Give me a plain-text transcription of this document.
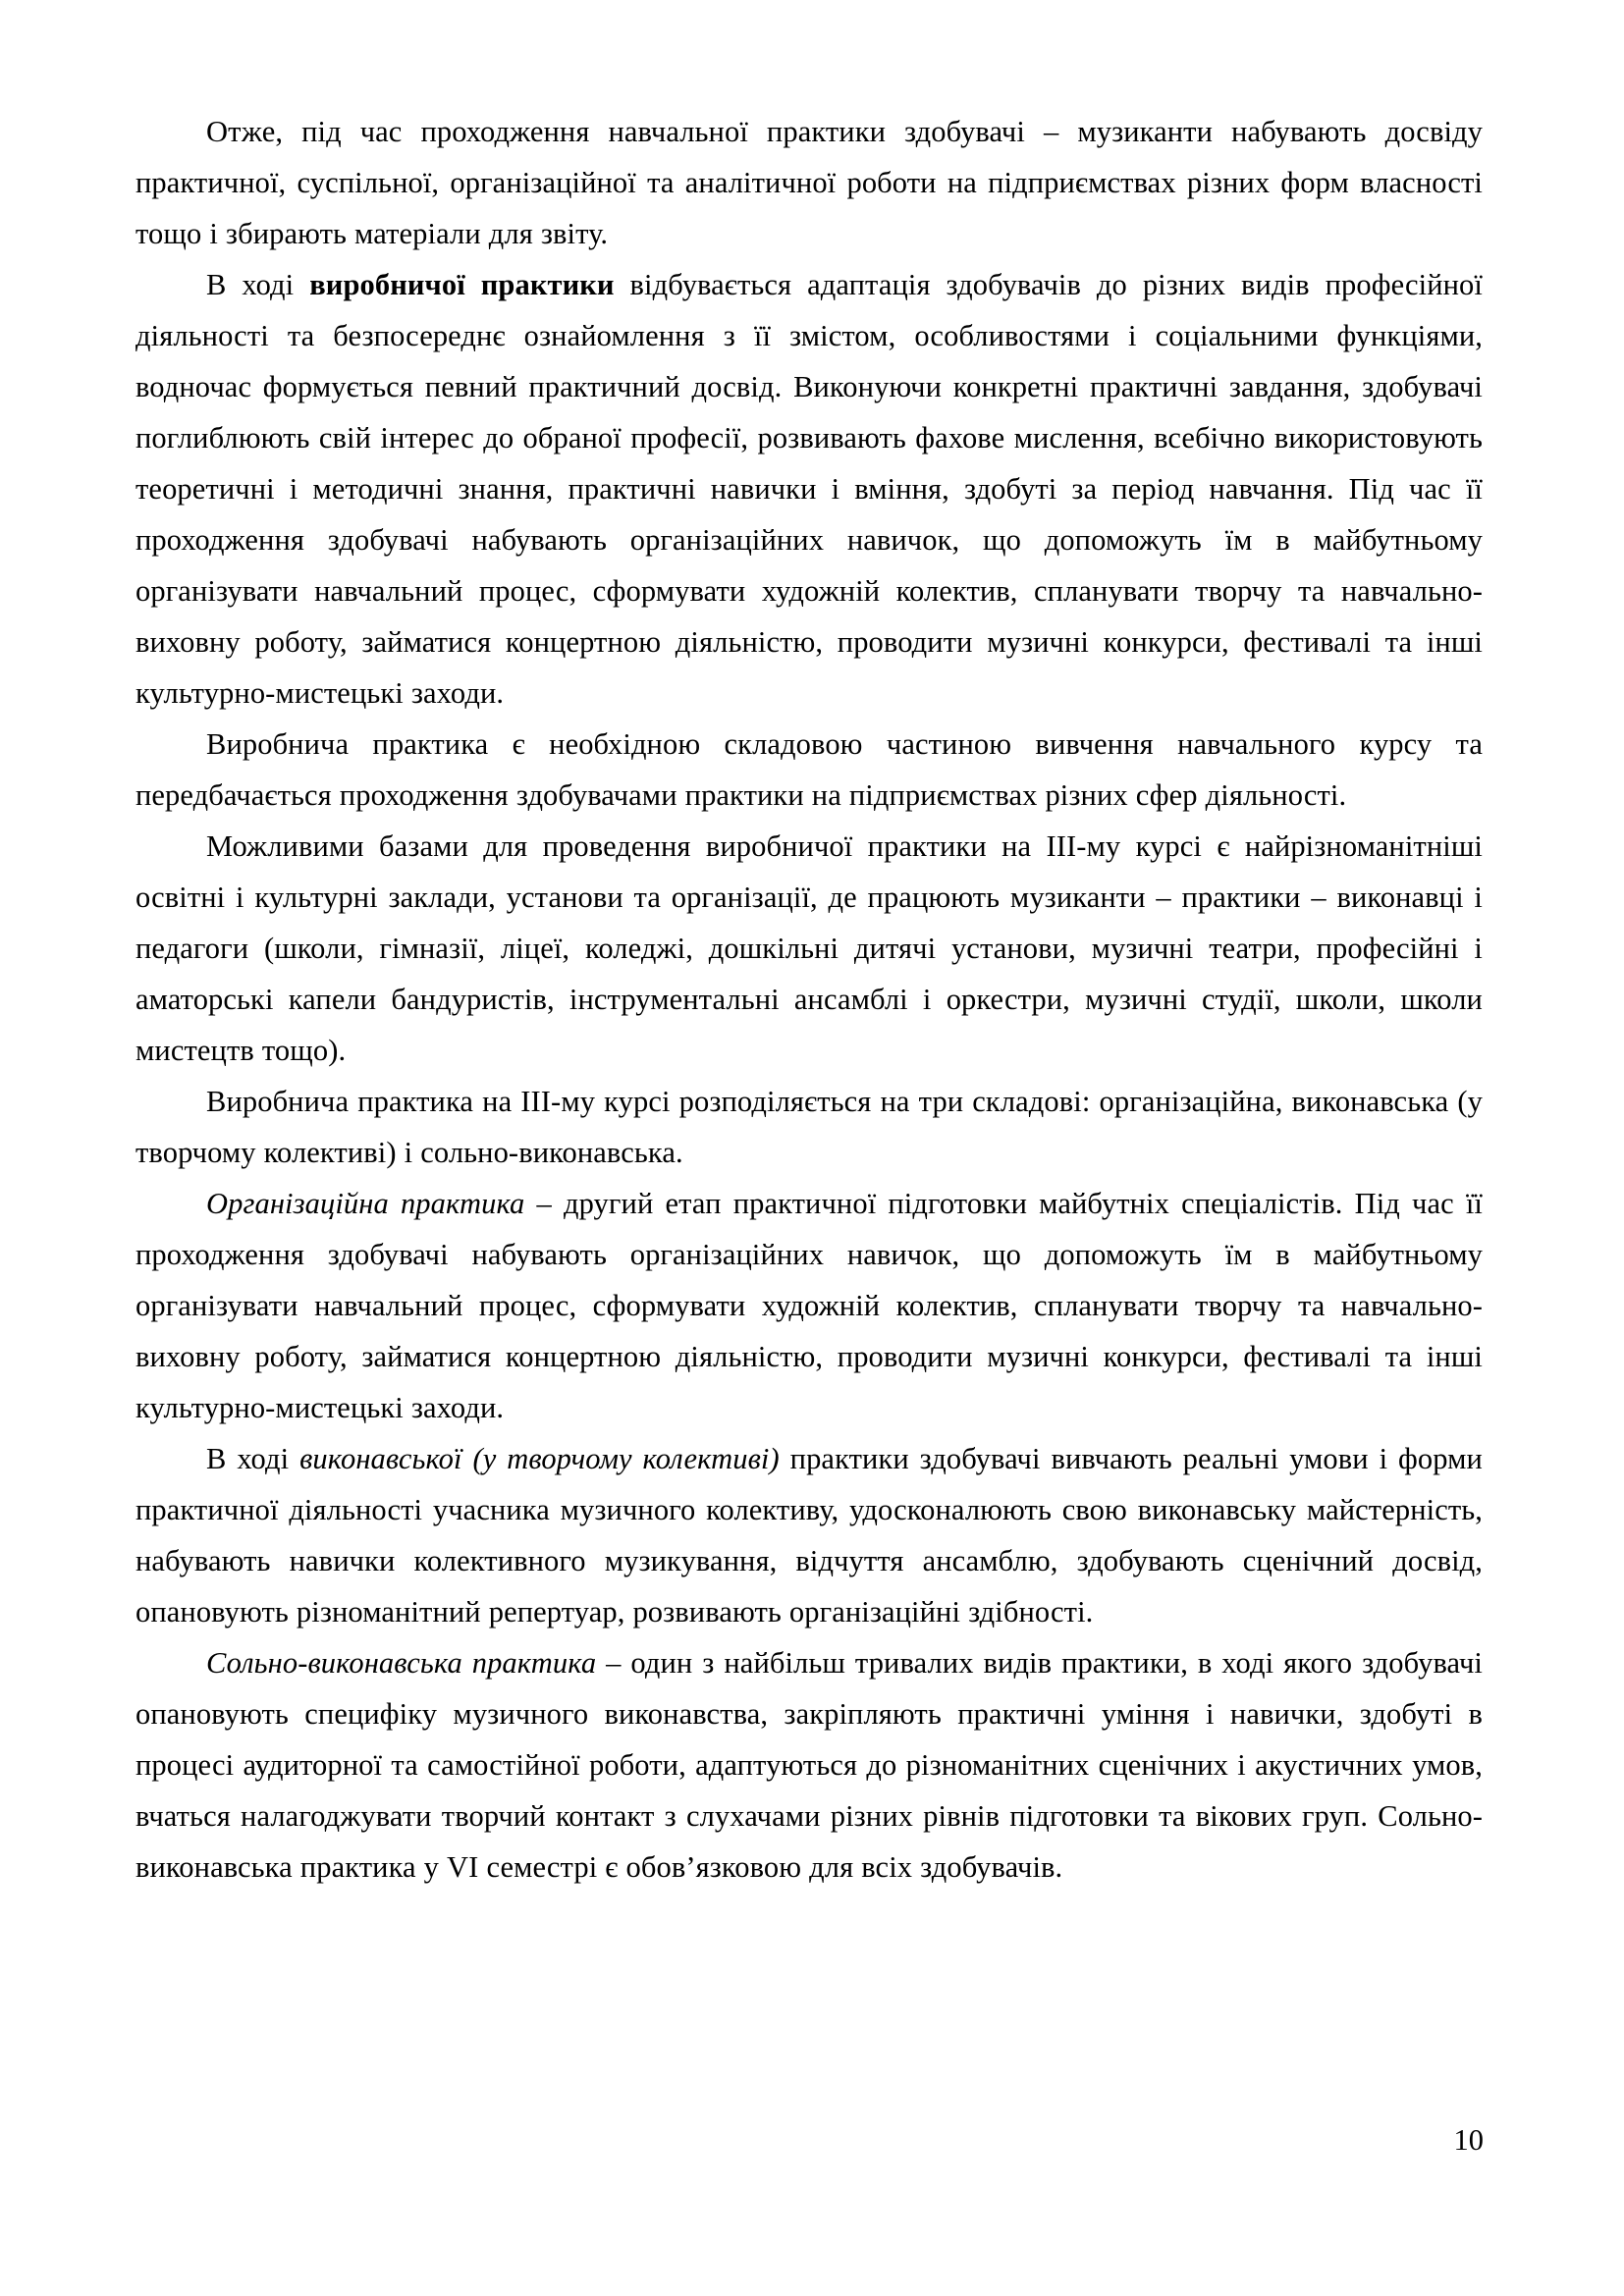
Отже, під час проходження навчальної практики здобувачі – музиканти набувають досвіду практичної, суспільної, організаційної та аналітичної роботи на підприємствах різних форм власності тощо і збирають матеріали для звіту.

В ході виробничої практики відбувається адаптація здобувачів до різних видів професійної діяльності та безпосереднє ознайомлення з її змістом, особливостями і соціальними функціями, водночас формується певний практичний досвід. Виконуючи конкретні практичні завдання, здобувачі поглиблюють свій інтерес до обраної професії, розвивають фахове мислення, всебічно використовують теоретичні і методичні знання, практичні навички і вміння, здобуті за період навчання. Під час її проходження здобувачі набувають організаційних навичок, що допоможуть їм в майбутньому організувати навчальний процес, сформувати художній колектив, спланувати творчу та навчально-виховну роботу, займатися концертною діяльністю, проводити музичні конкурси, фестивалі та інші культурно-мистецькі заходи.

Виробнича практика є необхідною складовою частиною вивчення навчального курсу та передбачається проходження здобувачами практики на підприємствах різних сфер діяльності.

Можливими базами для проведення виробничої практики на ІІІ-му курсі є найрізноманітніші освітні і культурні заклади, установи та організації, де працюють музиканти – практики – виконавці і педагоги (школи, гімназії, ліцеї, коледжі, дошкільні дитячі установи, музичні театри, професійні і аматорські капели бандуристів, інструментальні ансамблі і оркестри, музичні студії, школи, школи мистецтв тощо).

Виробнича практика на ІІІ-му курсі розподіляється на три складові: організаційна, виконавська (у творчому колективі) і сольно-виконавська.

Організаційна практика – другий етап практичної підготовки майбутніх спеціалістів. Під час її проходження здобувачі набувають організаційних навичок, що допоможуть їм в майбутньому організувати навчальний процес, сформувати художній колектив, спланувати творчу та навчально-виховну роботу, займатися концертною діяльністю, проводити музичні конкурси, фестивалі та інші культурно-мистецькі заходи.

В ході виконавської (у творчому колективі) практики здобувачі вивчають реальні умови і форми практичної діяльності учасника музичного колективу, удосконалюють свою виконавську майстерність, набувають навички колективного музикування, відчуття ансамблю, здобувають сценічний досвід, опановують різноманітний репертуар, розвивають організаційні здібності.

Сольно-виконавська практика – один з найбільш тривалих видів практики, в ході якого здобувачі опановують специфіку музичного виконавства, закріпляють практичні уміння і навички, здобуті в процесі аудиторної та самостійної роботи, адаптуються до різноманітних сценічних і акустичних умов, вчаться налагоджувати творчий контакт з слухачами різних рівнів підготовки та вікових груп. Сольно-виконавська практика у VI семестрі є обов’язковою для всіх здобувачів.

10
